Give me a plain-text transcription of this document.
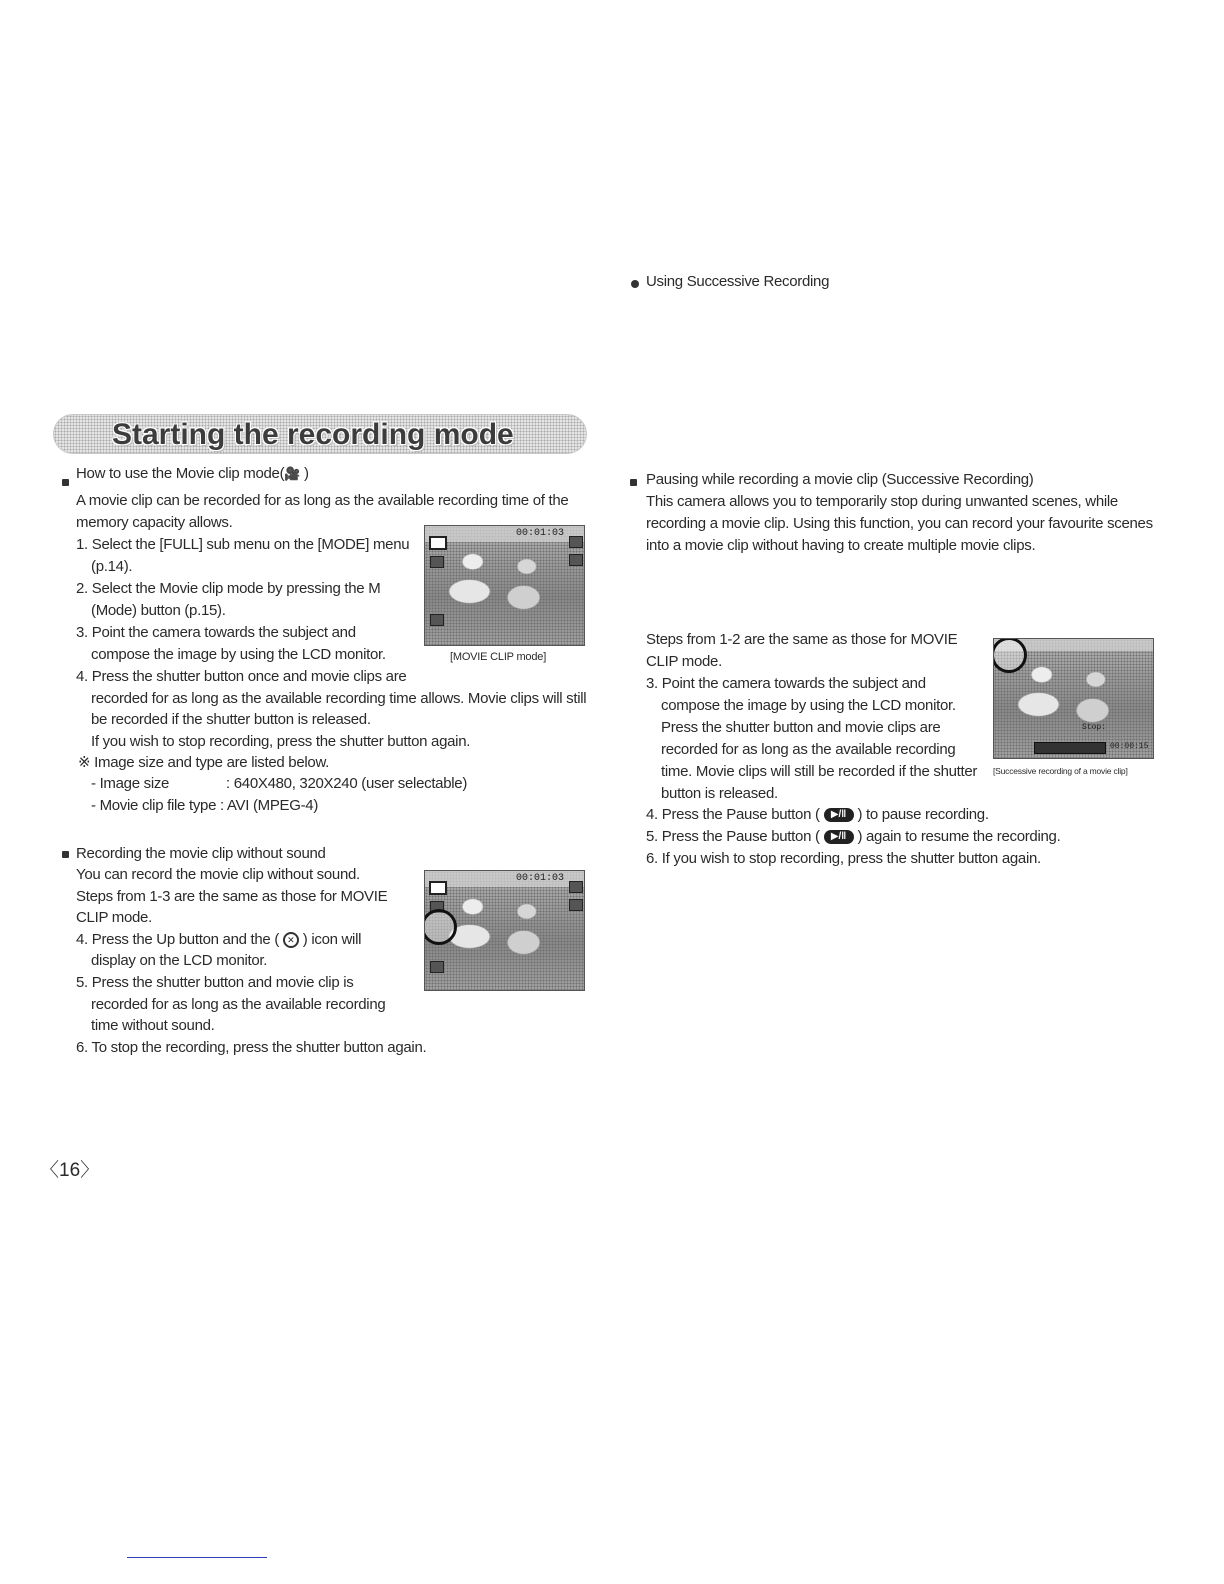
Starting the recording mode
How to use the Movie clip mode(🎥 )
A movie clip can be recorded for as long as the available recording time of the
memory capacity allows.
1. Select the [FULL] sub menu on the [MODE] menu
(p.14).
2. Select the Movie clip mode by pressing the M
(Mode) button (p.15).
3. Point the camera towards the subject and
compose the image by using the LCD monitor.
4. Press the shutter button once and movie clips are
recorded for as long as the available recording time allows. Movie clips will still
be recorded if the shutter button is released.
If you wish to stop recording, press the shutter button again.
※ Image size and type are listed below.
- Image size	: 640X480, 320X240 (user selectable)
- Movie clip file type : AVI (MPEG-4)
00:01:03
[MOVIE CLIP mode]
Recording the movie clip without sound
You can record the movie clip without sound.
Steps from 1-3 are the same as those for MOVIE
CLIP mode.
4. Press the Up button and the ( ✕ ) icon will
display on the LCD monitor.
5. Press the shutter button and movie clip is
recorded for as long as the available recording
time without sound.
6. To stop the recording, press the shutter button again.
00:01:03
Pausing while recording a movie clip (Successive Recording)
This camera allows you to temporarily stop during unwanted scenes, while
recording a movie clip. Using this function, you can record your favourite scenes
into a movie clip without having to create multiple movie clips.
Using Successive Recording
Steps from 1-2 are the same as those for MOVIE
CLIP mode.
3. Point the camera towards the subject and
compose the image by using the LCD monitor.
Press the shutter button and movie clips are
recorded for as long as the available recording
time. Movie clips will still be recorded if the shutter
button is released.
4. Press the Pause button ( ▶/‖ ) to pause recording.
5. Press the Pause button ( ▶/‖ ) again to resume the recording.
6. If you wish to stop recording, press the shutter button again.
Stop:
00:00:15
[Successive recording of a movie clip]
〈16〉
